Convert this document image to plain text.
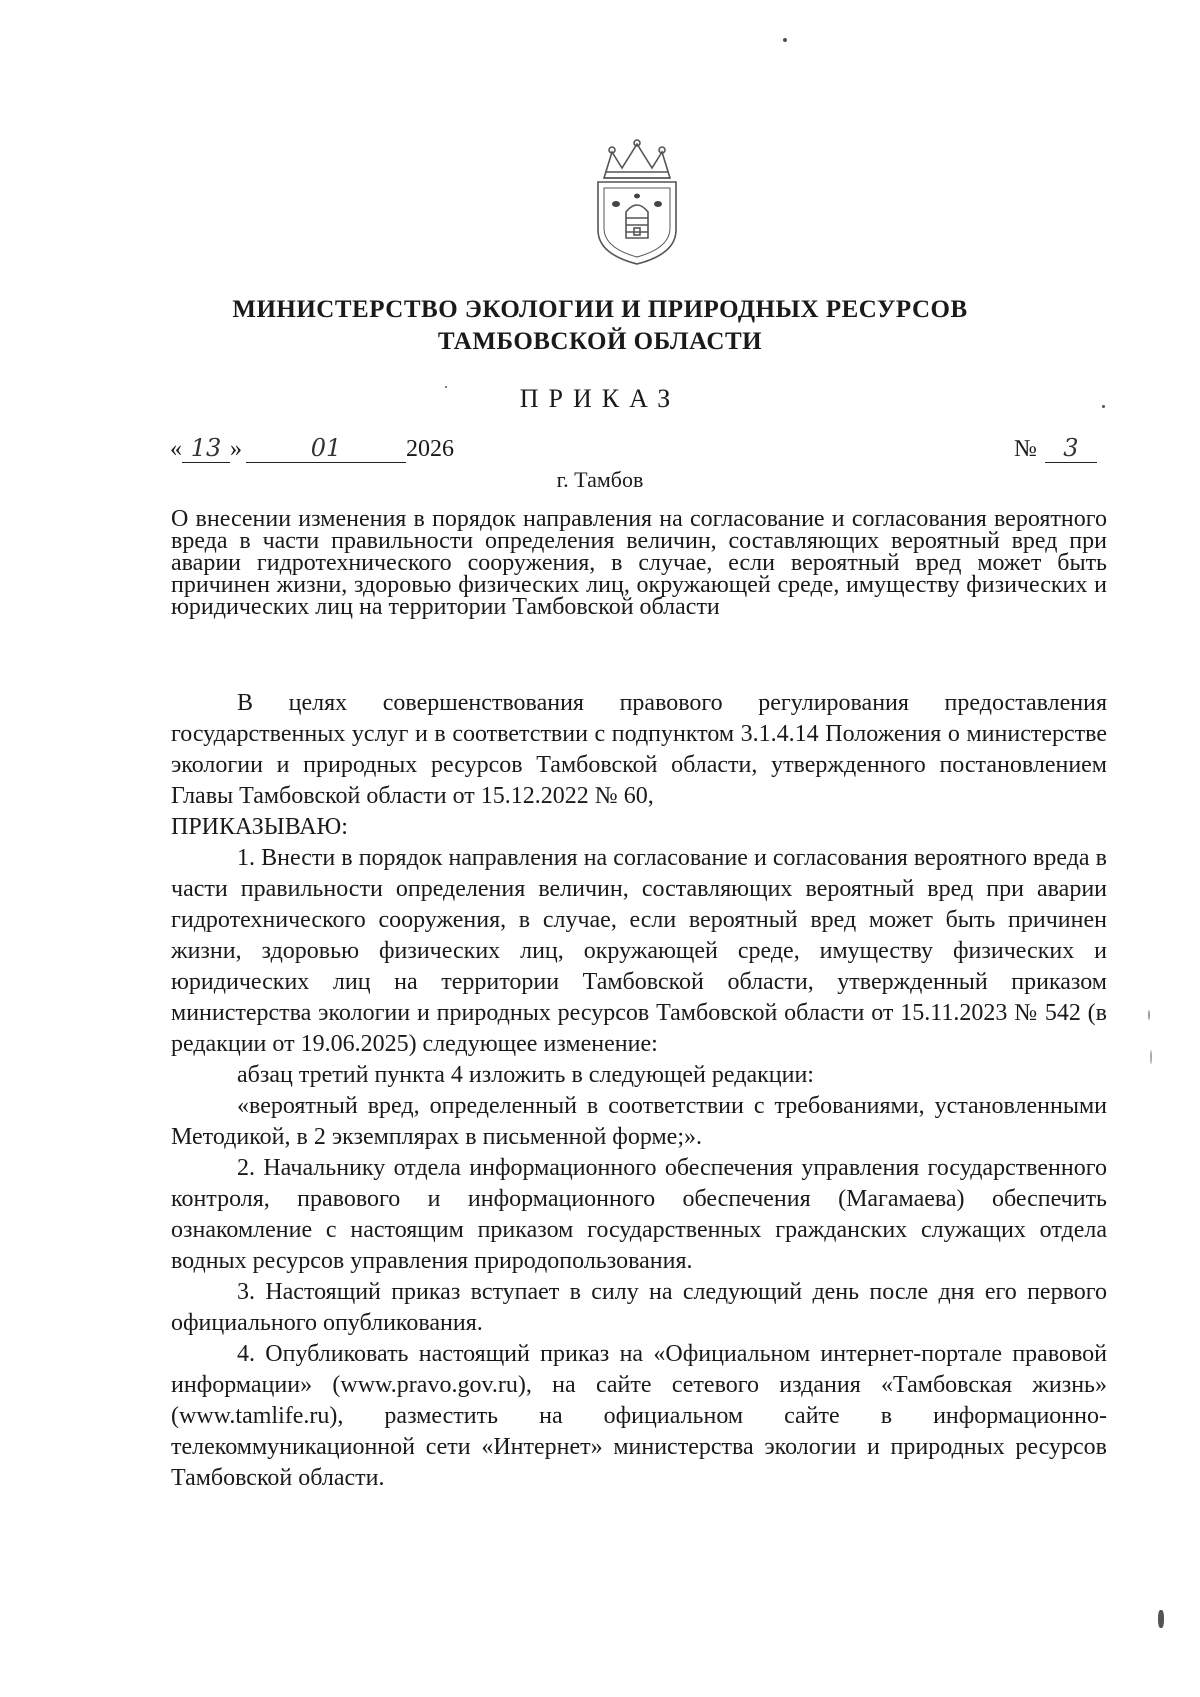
МИНИСТЕРСТВО ЭКОЛОГИИ И ПРИРОДНЫХ РЕСУРСОВ
ТАМБОВСКОЙ ОБЛАСТИ
ПРИКАЗ
« 13 »	01	2026	№	3
г. Тамбов
О внесении изменения в порядок направления на согласование и согласования вероятного вреда в части правильности определения величин, составляющих вероятный вред при аварии гидротехнического сооружения, в случае, если вероятный вред может быть причинен жизни, здоровью физических лиц, окружающей среде, имуществу физических и юридических лиц на территории Тамбовской области

В целях совершенствования правового регулирования предоставления государственных услуг и в соответствии с подпунктом 3.1.4.14 Положения о министерстве экологии и природных ресурсов Тамбовской области, утвержденного постановлением Главы Тамбовской области от 15.12.2022 № 60,

ПРИКАЗЫВАЮ:

1. Внести в порядок направления на согласование и согласования вероятного вреда в части правильности определения величин, составляющих вероятный вред при аварии гидротехнического сооружения, в случае, если вероятный вред может быть причинен жизни, здоровью физических лиц, окружающей среде, имуществу физических и юридических лиц на территории Тамбовской области, утвержденный приказом министерства экологии и природных ресурсов Тамбовской области от 15.11.2023 № 542 (в редакции от 19.06.2025) следующее изменение:

абзац третий пункта 4 изложить в следующей редакции:

«вероятный вред, определенный в соответствии с требованиями, установленными Методикой, в 2 экземплярах в письменной форме;».

2. Начальнику отдела информационного обеспечения управления государственного контроля, правового и информационного обеспечения (Магамаева) обеспечить ознакомление с настоящим приказом государственных гражданских служащих отдела водных ресурсов управления природопользования.

3. Настоящий приказ вступает в силу на следующий день после дня его первого официального опубликования.

4. Опубликовать настоящий приказ на «Официальном интернет-портале правовой информации» (www.pravo.gov.ru), на сайте сетевого издания «Тамбовская жизнь» (www.tamlife.ru), разместить на официальном сайте в информационно-телекоммуникационной сети «Интернет» министерства экологии и природных ресурсов Тамбовской области.
